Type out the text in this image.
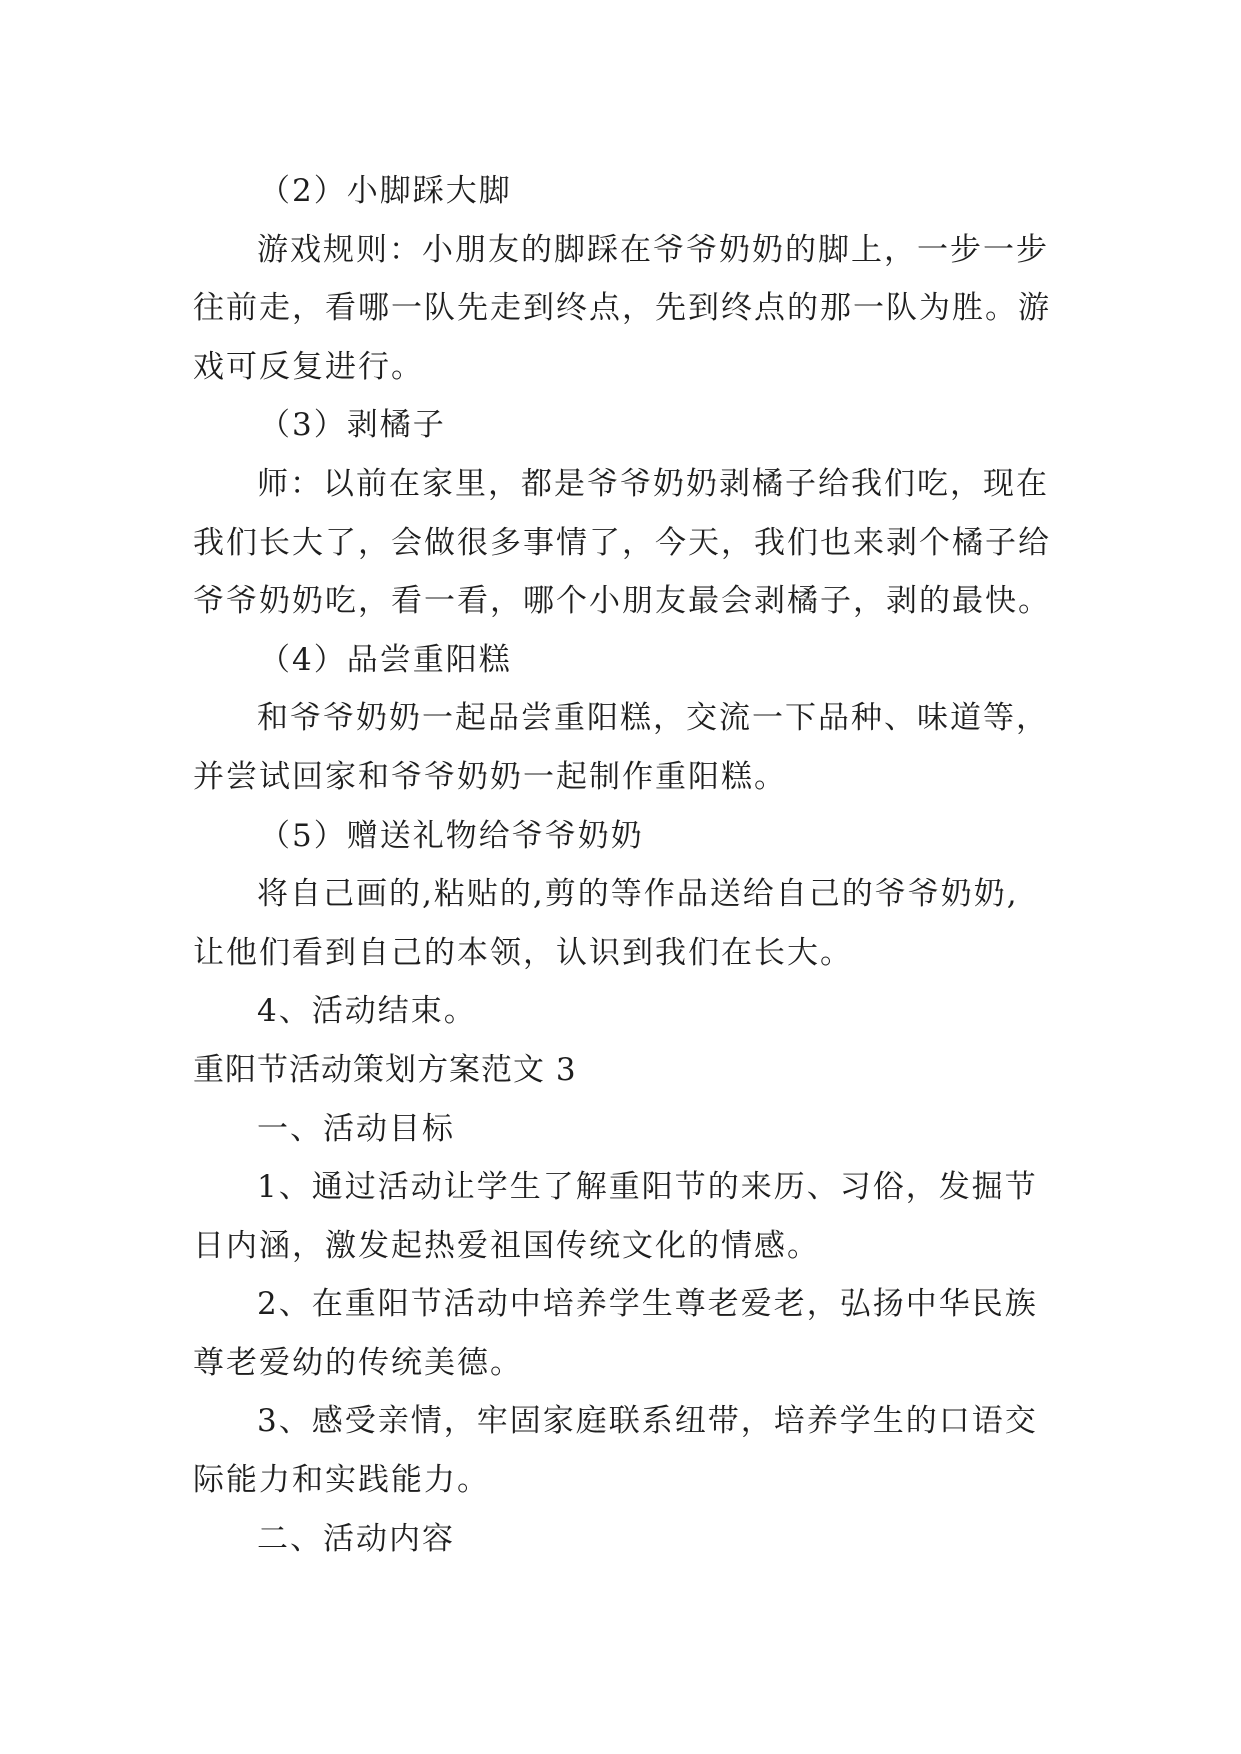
（2）小脚踩大脚
游戏规则：小朋友的脚踩在爷爷奶奶的脚上，一步一步
往前走，看哪一队先走到终点，先到终点的那一队为胜。游
戏可反复进行。
（3）剥橘子
师：以前在家里，都是爷爷奶奶剥橘子给我们吃，现在
我们长大了，会做很多事情了，今天，我们也来剥个橘子给
爷爷奶奶吃，看一看，哪个小朋友最会剥橘子，剥的最快。
（4）品尝重阳糕
和爷爷奶奶一起品尝重阳糕，交流一下品种、味道等，
并尝试回家和爷爷奶奶一起制作重阳糕。
（5）赠送礼物给爷爷奶奶
将自己画的,粘贴的,剪的等作品送给自己的爷爷奶奶,
让他们看到自己的本领，认识到我们在长大。
4、活动结束。
重阳节活动策划方案范文 3
一、活动目标
1、通过活动让学生了解重阳节的来历、习俗，发掘节
日内涵，激发起热爱祖国传统文化的情感。
2、在重阳节活动中培养学生尊老爱老，弘扬中华民族
尊老爱幼的传统美德。
3、感受亲情，牢固家庭联系纽带，培养学生的口语交
际能力和实践能力。
二、活动内容
